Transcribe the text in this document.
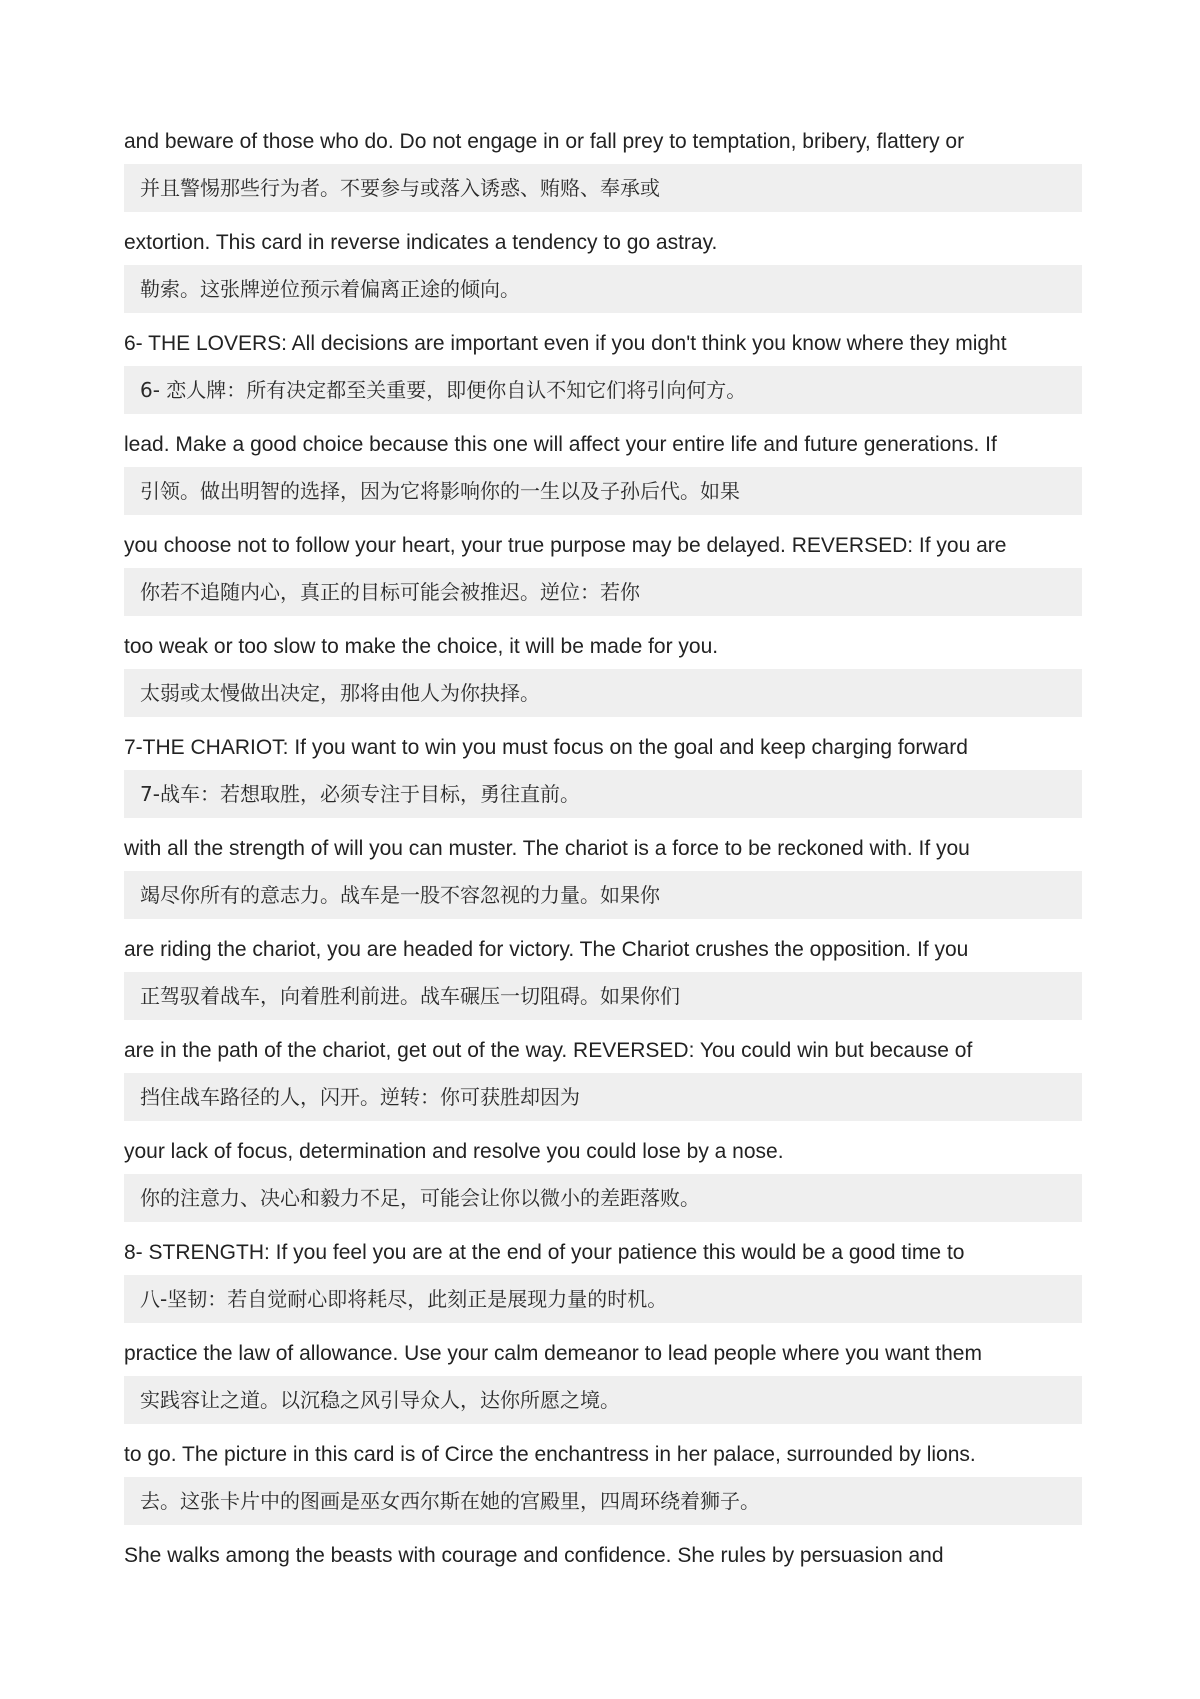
and beware of those who do. Do not engage in or fall prey to temptation, bribery, flattery or

并且警惕那些行为者。不要参与或落入诱惑、贿赂、奉承或

extortion. This card in reverse indicates a tendency to go astray.

勒索。这张牌逆位预示着偏离正途的倾向。

6- THE LOVERS: All decisions are important even if you don't think you know where they might

6- 恋人牌：所有决定都至关重要，即便你自认不知它们将引向何方。

lead. Make a good choice because this one will affect your entire life and future generations. If

引领。做出明智的选择，因为它将影响你的一生以及子孙后代。如果

you choose not to follow your heart, your true purpose may be delayed. REVERSED: If you are

你若不追随内心，真正的目标可能会被推迟。逆位：若你

too weak or too slow to make the choice, it will be made for you.

太弱或太慢做出决定，那将由他人为你抉择。

7-THE CHARIOT: If you want to win you must focus on the goal and keep charging forward

7-战车：若想取胜，必须专注于目标，勇往直前。

with all the strength of will you can muster. The chariot is a force to be reckoned with. If you

竭尽你所有的意志力。战车是一股不容忽视的力量。如果你

are riding the chariot, you are headed for victory. The Chariot crushes the opposition. If you

正驾驭着战车，向着胜利前进。战车碾压一切阻碍。如果你们

are in the path of the chariot, get out of the way. REVERSED: You could win but because of

挡住战车路径的人，闪开。逆转：你可获胜却因为

your lack of focus, determination and resolve you could lose by a nose.

你的注意力、决心和毅力不足，可能会让你以微小的差距落败。

8- STRENGTH: If you feel you are at the end of your patience this would be a good time to

八-坚韧：若自觉耐心即将耗尽，此刻正是展现力量的时机。

practice the law of allowance. Use your calm demeanor to lead people where you want them

实践容让之道。以沉稳之风引导众人，达你所愿之境。

to go. The picture in this card is of Circe the enchantress in her palace, surrounded by lions.

去。这张卡片中的图画是巫女西尔斯在她的宫殿里，四周环绕着狮子。

She walks among the beasts with courage and confidence. She rules by persuasion and
